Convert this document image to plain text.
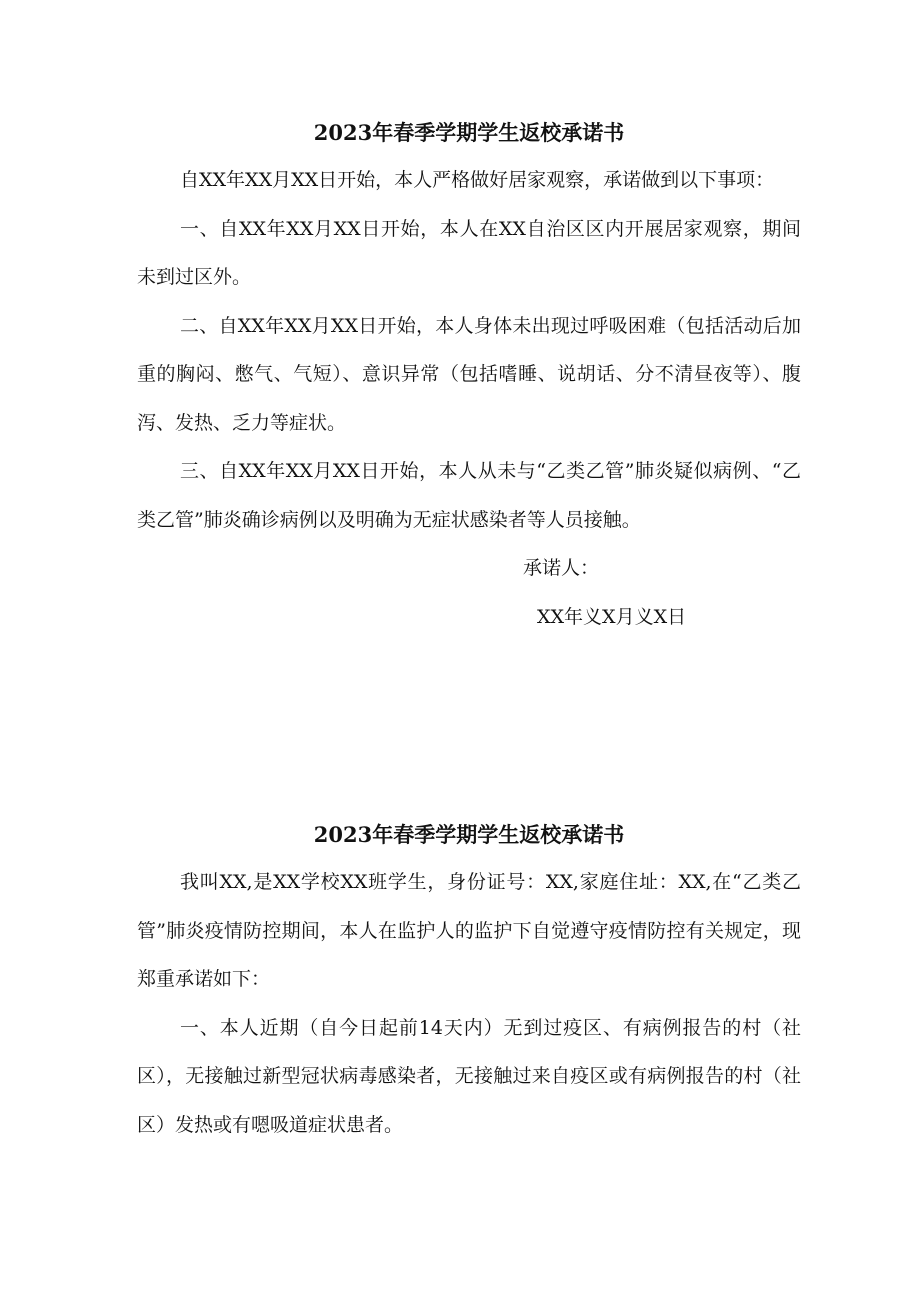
2023年春季学期学生返校承诺书

自XX年XX月XX日开始，本人严格做好居家观察，承诺做到以下事项：

一、自XX年XX月XX日开始，本人在XX自治区区内开展居家观察，期间未到过区外。

二、自XX年XX月XX日开始，本人身体未出现过呼吸困难（包括活动后加重的胸闷、憋气、气短）、意识异常（包括嗜睡、说胡话、分不清昼夜等）、腹泻、发热、乏力等症状。

三、自XX年XX月XX日开始，本人从未与“乙类乙管”肺炎疑似病例、“乙类乙管”肺炎确诊病例以及明确为无症状感染者等人员接触。

承诺人：

XX年义X月义X日

2023年春季学期学生返校承诺书

我叫XX,是XX学校XX班学生，身份证号：XX,家庭住址：XX,在“乙类乙管”肺炎疫情防控期间，本人在监护人的监护下自觉遵守疫情防控有关规定，现郑重承诺如下：

一、本人近期（自今日起前14天内）无到过疫区、有病例报告的村（社区），无接触过新型冠状病毒感染者，无接触过来自疫区或有病例报告的村（社区）发热或有嗯吸道症状患者。
